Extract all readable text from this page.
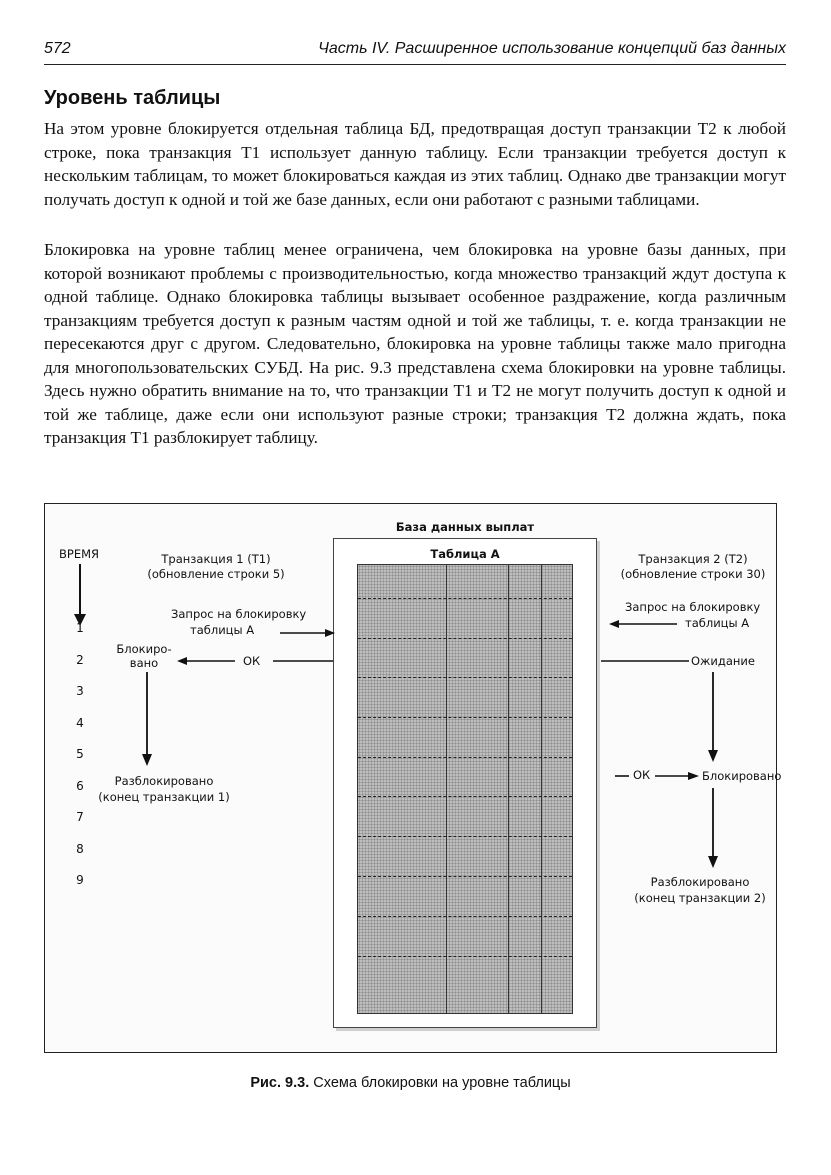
572	Часть IV. Расширенное использование концепций баз данных
Уровень таблицы
На этом уровне блокируется отдельная таблица БД, предотвращая доступ транзакции Т2 к любой строке, пока транзакция Т1 использует данную таблицу. Если транзакции требуется доступ к нескольким таблицам, то может блокироваться каждая из этих таблиц. Однако две транзакции могут получать доступ к одной и той же базе данных, если они работают с разными таблицами.
Блокировка на уровне таблиц менее ограничена, чем блокировка на уровне базы данных, при которой возникают проблемы с производительностью, когда множество транзакций ждут доступа к одной таблице. Однако блокировка таблицы вызывает особенное раздражение, когда различным транзакциям требуется доступ к разным частям одной и той же таблицы, т. е. когда транзакции не пересекаются друг с другом. Следовательно, блокировка на уровне таблицы также мало пригодна для многопользовательских СУБД. На рис. 9.3 представлена схема блокировки на уровне таблицы. Здесь нужно обратить внимание на то, что транзакции Т1 и Т2 не могут получить доступ к одной и той же таблице, даже если они используют разные строки; транзакция Т2 должна ждать, пока транзакция Т1 разблокирует таблицу.
База данных выплат
Таблица А
ВРЕМЯ
1
2
3
4
5
6
7
8
9
Транзакция 1 (Т1)
(обновление строки 5)
Запрос на блокировку
таблицы А
Блокиро-
вано	ОК
Разблокировано
(конец транзакции 1)
Транзакция 2 (Т2)
(обновление строки 30)
Запрос на блокировку
таблицы А
Ожидание
ОК	Блокировано
Разблокировано
(конец транзакции 2)
Рис. 9.3. Схема блокировки на уровне таблицы
